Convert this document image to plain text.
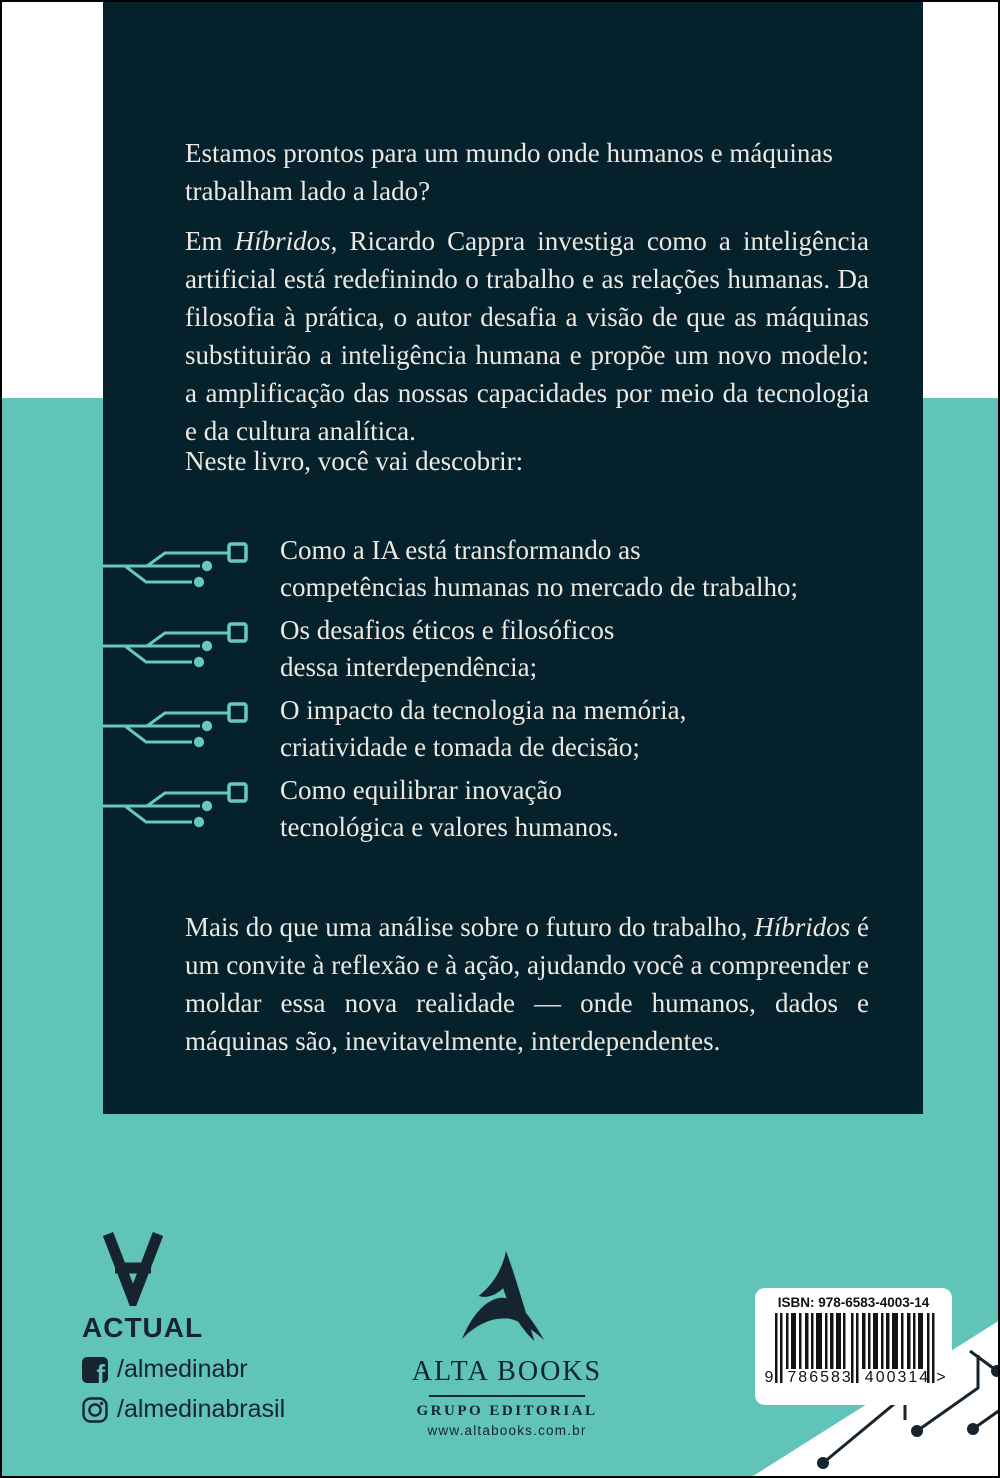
Estamos prontos para um mundo onde humanos e máquinas
trabalham lado a lado?

Em Híbridos, Ricardo Cappra investiga como a inteligência artificial está redefinindo o trabalho e as relações humanas. Da filosofia à prática, o autor desafia a visão de que as máquinas substituirão a inteligência humana e propõe um novo modelo: a amplificação das nossas capacidades por meio da tecnologia e da cultura analítica.

Neste livro, você vai descobrir:

Como a IA está transformando as
competências humanas no mercado de trabalho;
Os desafios éticos e filosóficos
dessa interdependência;
O impacto da tecnologia na memória,
criatividade e tomada de decisão;
Como equilibrar inovação
tecnológica e valores humanos.

Mais do que uma análise sobre o futuro do trabalho, Híbridos é um convite à reflexão e à ação, ajudando você a compreender e moldar essa nova realidade — onde humanos, dados e máquinas são, inevitavelmente, interdependentes.

ACTUAL
f /almedinabr
/almedinabrasil
ALTA BOOKS
GRUPO EDITORIAL
www.altabooks.com.br
ISBN: 978-6583-4003-14
9 786583 400314 >
